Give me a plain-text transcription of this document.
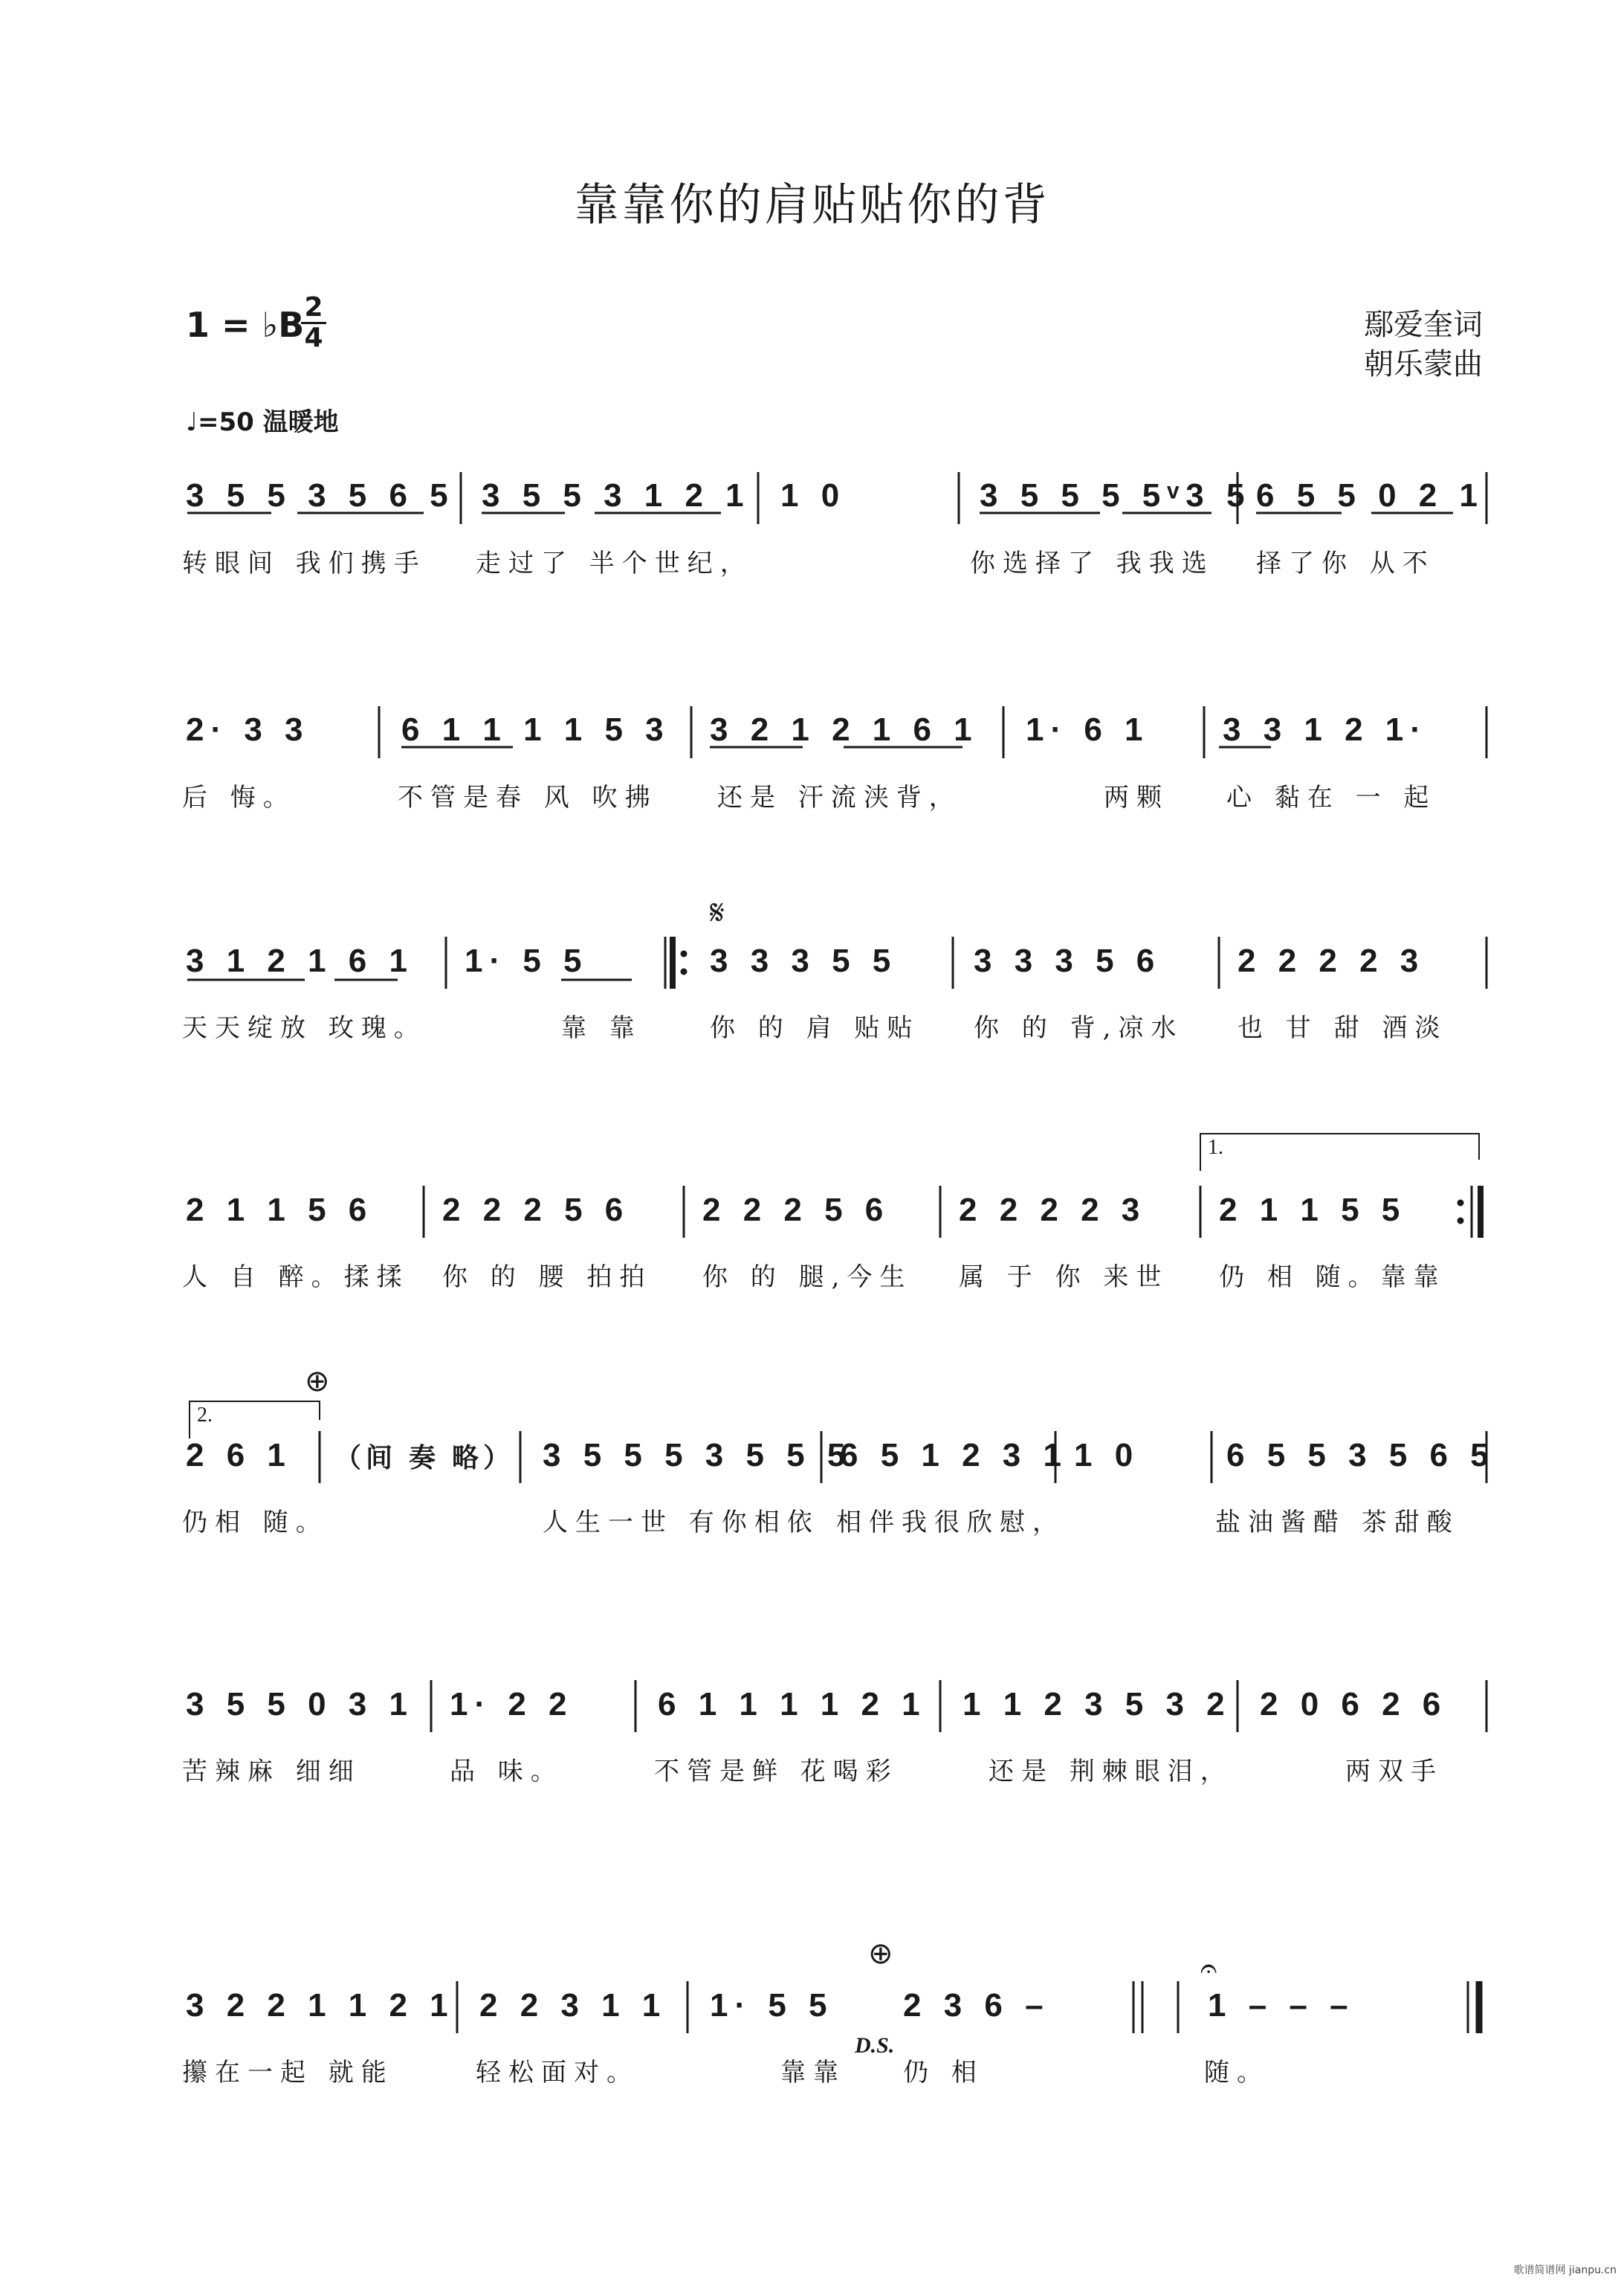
靠靠你的肩贴贴你的背
1 = ♭B 2
4
♩=50 温暖地
鄢爱奎词
朝乐蒙曲
3 5 5 3 5 6 5 3 5 5 3 1 2 1 1 0	3 5 5 5 5ᵛ3 5 6 5 5 0 2 1
转眼间 我们携手 走过了 半个世纪，	你选择了 我我选 择了你 从不
2· 3 3	6 1 1 1 1 5 3 3 2 1 2 1 6 1 1· 6 1 3 3 1 2 1·
后 悔。	不管是春 风 吹拂 还是 汗流浃背，	两颗 心 黏在 一 起
3 1 2 1 6 1 1· 5 5	3 3 3 5 5 3 3 3 5 6 2 2 2 2 3
天天绽放 玫瑰。	靠 靠	你 的 肩 贴贴 你 的 背,凉水 也 甘 甜 酒淡
𝄋
1.
2 1 1 5 6 2 2 2 5 6 2 2 2 5 6 2 2 2 2 3 2 1 1 5 5
人 自 醉。揉揉 你 的 腰 拍拍 你 的 腿,今生 属 于 你 来世 仍 相 随。靠靠
2.
⊕
2 6 1 （间 奏 略） 3 5 5 5 3 5 5 5
6 5 1 2 3 1 1 0	6 5 5 3 5 6 5
仍相 随。	人生一世 有你相依 相伴我很欣慰，	盐油酱醋 茶甜酸
3 5 5 0 3 1 1· 2 2	6 1 1 1 1 2 1 1 1 2 3 5 3 2 2 0 6 2 6
苦辣麻 细细	品 味。	不管是鲜 花喝彩	还是 荆棘眼泪，	两双手
⊕
3 2 2 1 1 2 1 2 2 3 1 1 1· 5 5 2 3 6 –	1 – – –
𝄐
攥在一起 就能	轻松面对。	靠靠
D.S.
仍 相	随。
歌谱简谱网 jianpu.cn
